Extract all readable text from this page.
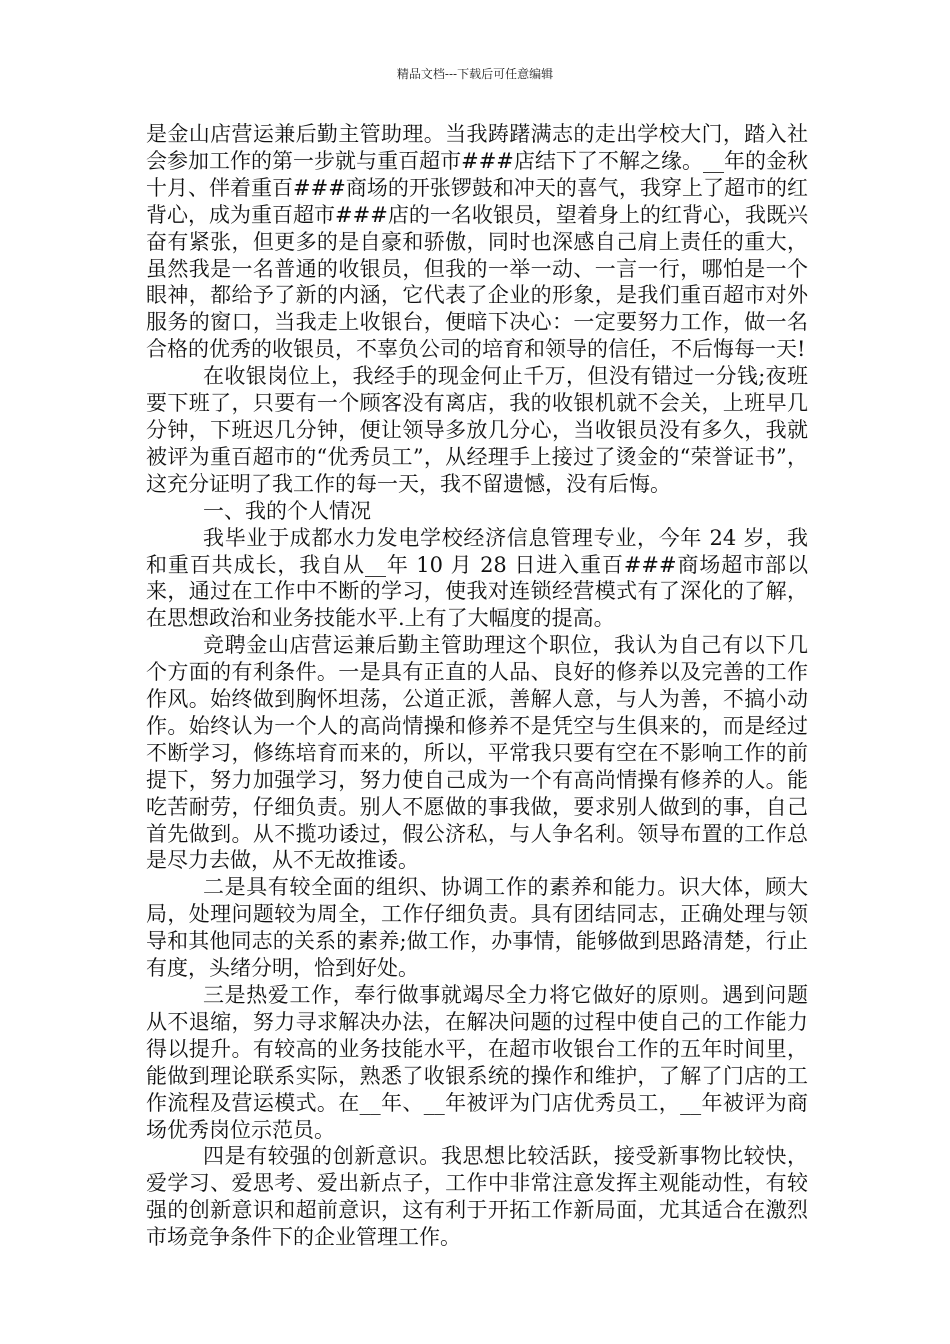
精品文档---下载后可任意编辑

是金山店营运兼后勤主管助理。当我踌躇满志的走出学校大门，踏入社会参加工作的第一步就与重百超市###店结下了不解之缘。__年的金秋十月、伴着重百###商场的开张锣鼓和冲天的喜气，我穿上了超市的红背心，成为重百超市###店的一名收银员，望着身上的红背心，我既兴奋有紧张，但更多的是自豪和骄傲，同时也深感自己肩上责任的重大，虽然我是一名普通的收银员，但我的一举一动、一言一行，哪怕是一个眼神，都给予了新的内涵，它代表了企业的形象，是我们重百超市对外服务的窗口，当我走上收银台，便暗下决心：一定要努力工作，做一名合格的优秀的收银员，不辜负公司的培育和领导的信任，不后悔每一天!

在收银岗位上，我经手的现金何止千万，但没有错过一分钱;夜班要下班了，只要有一个顾客没有离店，我的收银机就不会关，上班早几分钟，下班迟几分钟，便让领导多放几分心，当收银员没有多久，我就被评为重百超市的“优秀员工”，从经理手上接过了烫金的“荣誉证书”，这充分证明了我工作的每一天，我不留遗憾，没有后悔。

一、我的个人情况

我毕业于成都水力发电学校经济信息管理专业，今年 24 岁，我和重百共成长，我自从__年 10 月 28 日进入重百###商场超市部以来，通过在工作中不断的学习，使我对连锁经营模式有了深化的了解，在思想政治和业务技能水平.上有了大幅度的提高。

竞聘金山店营运兼后勤主管助理这个职位，我认为自己有以下几个方面的有利条件。一是具有正直的人品、良好的修养以及完善的工作作风。始终做到胸怀坦荡，公道正派，善解人意，与人为善，不搞小动作。始终认为一个人的高尚情操和修养不是凭空与生俱来的，而是经过不断学习，修练培育而来的，所以，平常我只要有空在不影响工作的前提下，努力加强学习，努力使自己成为一个有高尚情操有修养的人。能吃苦耐劳，仔细负责。别人不愿做的事我做，要求别人做到的事，自己首先做到。从不揽功诿过，假公济私，与人争名利。领导布置的工作总是尽力去做，从不无故推诿。

二是具有较全面的组织、协调工作的素养和能力。识大体，顾大局，处理问题较为周全，工作仔细负责。具有团结同志，正确处理与领导和其他同志的关系的素养;做工作，办事情，能够做到思路清楚，行止有度，头绪分明，恰到好处。

三是热爱工作，奉行做事就竭尽全力将它做好的原则。遇到问题从不退缩，努力寻求解决办法，在解决问题的过程中使自己的工作能力得以提升。有较高的业务技能水平，在超市收银台工作的五年时间里，能做到理论联系实际，熟悉了收银系统的操作和维护，了解了门店的工作流程及营运模式。在__年、__年被评为门店优秀员工，__年被评为商场优秀岗位示范员。

四是有较强的创新意识。我思想比较活跃，接受新事物比较快，爱学习、爱思考、爱出新点子，工作中非常注意发挥主观能动性，有较强的创新意识和超前意识，这有利于开拓工作新局面，尤其适合在激烈市场竞争条件下的企业管理工作。
